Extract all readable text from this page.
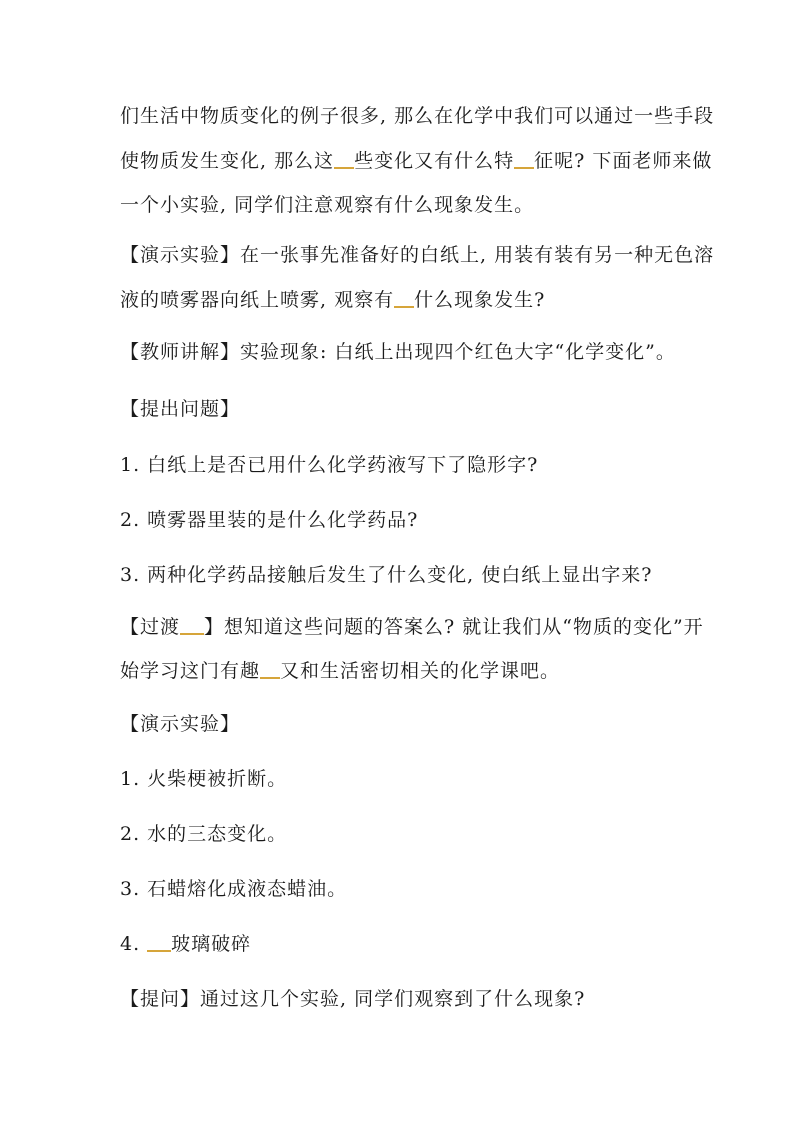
们生活中物质变化的例子很多, 那么在化学中我们可以通过一些手段
使物质发生变化, 那么这 些变化又有什么特 征呢? 下面老师来做
一个小实验, 同学们注意观察有什么现象发生。
【演示实验】在一张事先准备好的白纸上, 用装有装有另一种无色溶
液的喷雾器向纸上喷雾, 观察有 什么现象发生?
【教师讲解】实验现象: 白纸上出现四个红色大字“化学变化”。
【提出问题】
1. 白纸上是否已用什么化学药液写下了隐形字?
2. 喷雾器里装的是什么化学药品?
3. 两种化学药品接触后发生了什么变化, 使白纸上显出字来?
【过渡 】想知道这些问题的答案么? 就让我们从“物质的变化”开
始学习这门有趣 又和生活密切相关的化学课吧。
【演示实验】
1. 火柴梗被折断。
2. 水的三态变化。
3. 石蜡熔化成液态蜡油。
4. 玻璃破碎
【提问】通过这几个实验, 同学们观察到了什么现象?
